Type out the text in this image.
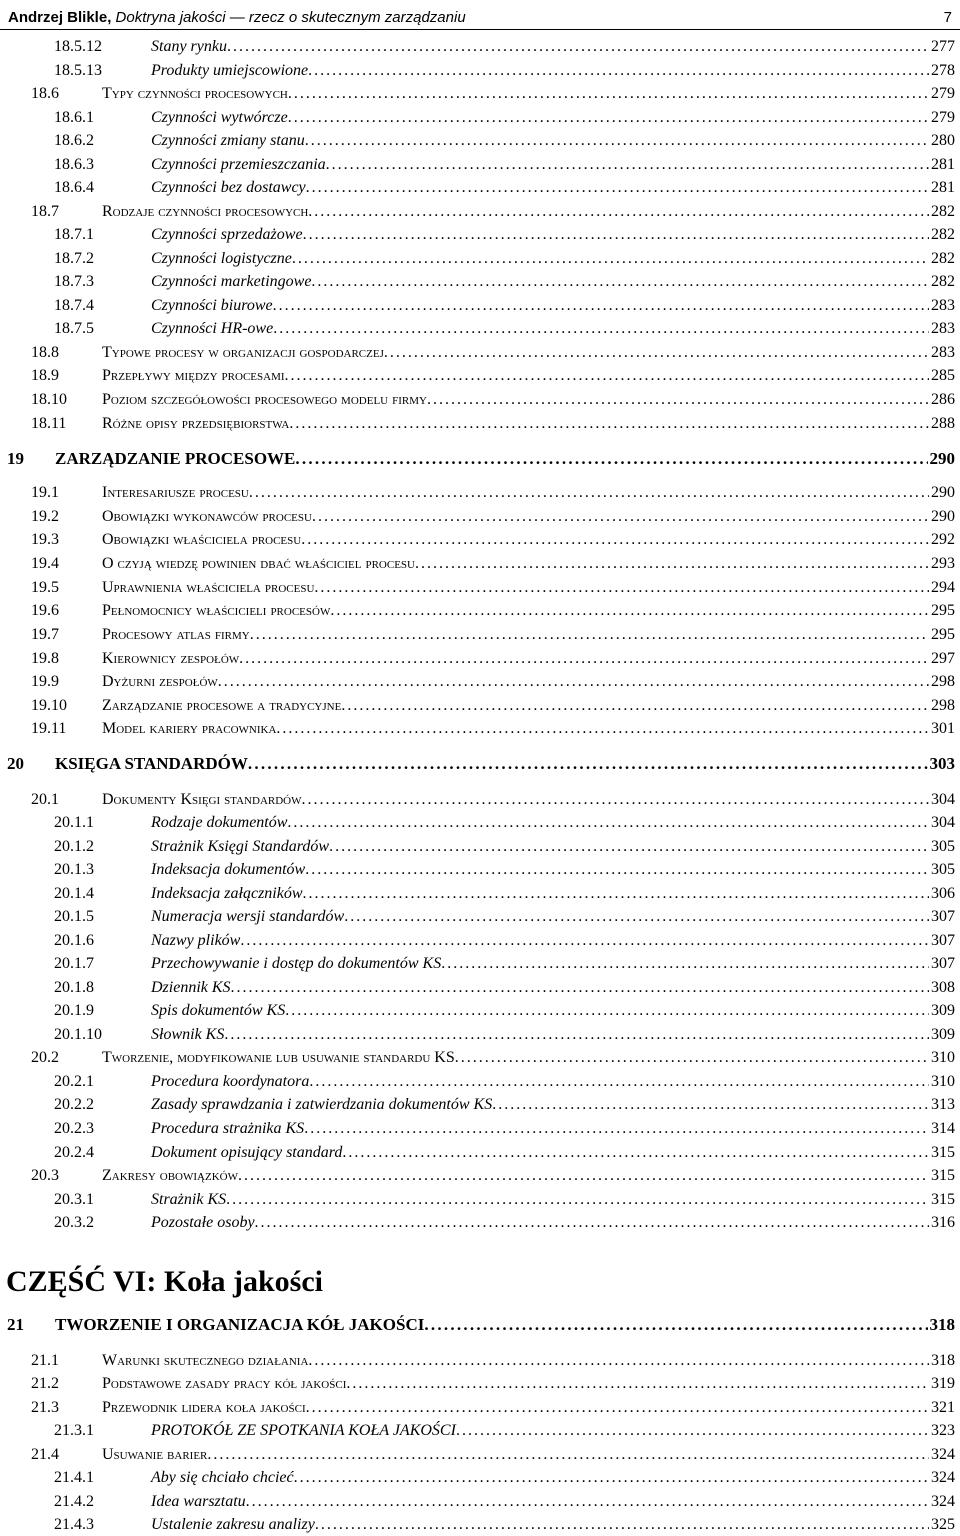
Andrzej Blikle, Doktryna jakości — rzecz o skutecznym zarządzaniu	7
18.5.12	Stany rynku . . .	277
18.5.13	Produkty umiejscowione . . .	278
18.6	Typy czynności procesowych . . .	279
18.6.1	Czynności wytwórcze . . .	279
18.6.2	Czynności zmiany stanu . . .	280
18.6.3	Czynności przemieszczania . . .	281
18.6.4	Czynności bez dostawcy . . .	281
18.7	Rodzaje czynności procesowych . . .	282
18.7.1	Czynności sprzedażowe . . .	282
18.7.2	Czynności logistyczne . . .	282
18.7.3	Czynności marketingowe . . .	282
18.7.4	Czynności biurowe . . .	283
18.7.5	Czynności HR-owe . . .	283
18.8	Typowe procesy w organizacji gospodarczej . . .	283
18.9	Przepływy między procesami . . .	285
18.10	Poziom szczegółowości procesowego modelu firmy . . .	286
18.11	Różne opisy przedsiębiorstwa . . .	288
19	ZARZĄDZANIE PROCESOWE . . .	290
19.1	Interesariusze procesu . . .	290
19.2	Obowiązki wykonawców procesu . . .	290
19.3	Obowiązki właściciela procesu . . .	292
19.4	O czyją wiedzę powinien dbać właściciel procesu . . .	293
19.5	Uprawnienia właściciela procesu . . .	294
19.6	Pełnomocnicy właścicieli procesów . . .	295
19.7	Procesowy atlas firmy . . .	295
19.8	Kierownicy zespołów . . .	297
19.9	Dyżurni zespołów . . .	298
19.10	Zarządzanie procesowe a tradycyjne . . .	298
19.11	Model kariery pracownika . . .	301
20	KSIĘGA STANDARDÓW . . .	303
20.1	Dokumenty Księgi standardów . . .	304
20.1.1	Rodzaje dokumentów . . .	304
20.1.2	Strażnik Księgi Standardów . . .	305
20.1.3	Indeksacja dokumentów . . .	305
20.1.4	Indeksacja załączników . . .	306
20.1.5	Numeracja wersji standardów . . .	307
20.1.6	Nazwy plików . . .	307
20.1.7	Przechowywanie i dostęp do dokumentów KS . . .	307
20.1.8	Dziennik KS . . .	308
20.1.9	Spis dokumentów KS . . .	309
20.1.10	Słownik KS . . .	309
20.2	Tworzenie, modyfikowanie lub usuwanie standardu KS . . .	310
20.2.1	Procedura koordynatora . . .	310
20.2.2	Zasady sprawdzania i zatwierdzania dokumentów KS . . .	313
20.2.3	Procedura strażnika KS . . .	314
20.2.4	Dokument opisujący standard . . .	315
20.3	Zakresy obowiązków . . .	315
20.3.1	Strażnik KS . . .	315
20.3.2	Pozostałe osoby . . .	316
CZĘŚĆ VI: Koła jakości
21	TWORZENIE I ORGANIZACJA KÓŁ JAKOŚCI . . .	318
21.1	Warunki skutecznego działania . . .	318
21.2	Podstawowe zasady pracy kół jakości . . .	319
21.3	Przewodnik lidera koła jakości . . .	321
21.3.1	PROTOKÓŁ ZE SPOTKANIA KOŁA JAKOŚCI . . .	323
21.4	Usuwanie barier . . .	324
21.4.1	Aby się chciało chcieć . . .	324
21.4.2	Idea warsztatu . . .	324
21.4.3	Ustalenie zakresu analizy . . .	325
